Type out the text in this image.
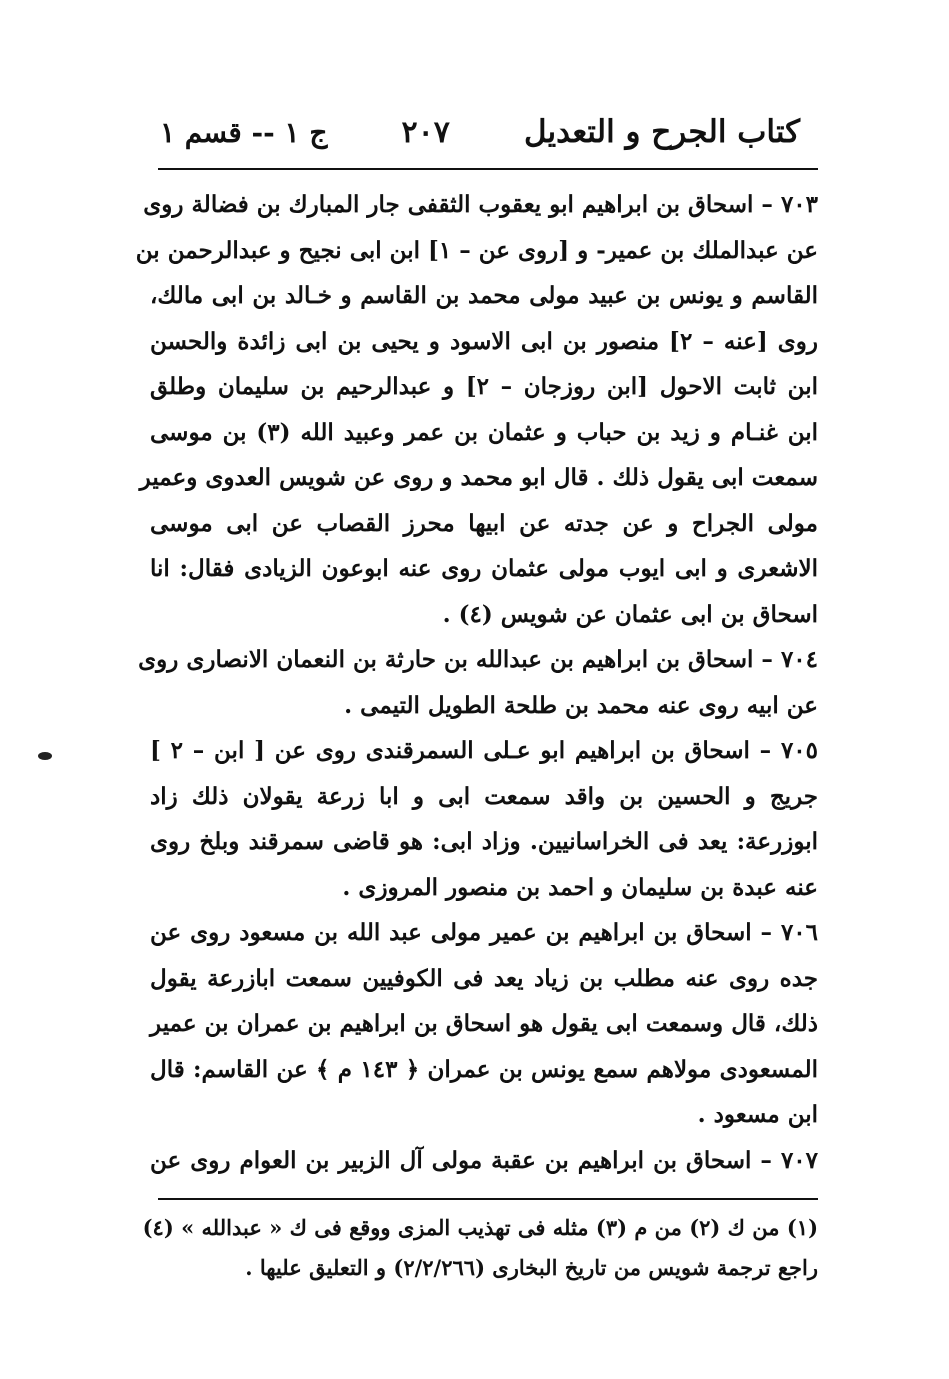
كتاب الجرح و التعديل
٢٠٧
ج ١ -- قسم ١
٧٠٣ – اسحاق بن ابراهيم ابو يعقوب الثقفى جار المبارك بن فضالة روى
عن عبدالملك بن عمير- و [روى عن – ١] ابن ابى نجيح و عبدالرحمن بن
القاسم و يونس بن عبيد مولى محمد بن القاسم و خـالد بن ابى مالك،
روى [عنه – ٢] منصور بن ابى الاسود و يحيى بن ابى زائدة والحسن
ابن ثابت الاحول [ابن روزجان – ٢] و عبدالرحيم بن سليمان وطلق
ابن غنـام و زيد بن حباب و عثمان بن عمر وعبيد الله (٣) بن موسى
سمعت ابى يقول ذلك . قال ابو محمد و روى عن شويس العدوى وعمير
مولى الجراح و عن جدته عن ابيها محرز القصاب عن ابى موسى
الاشعرى و ابى ايوب مولى عثمان روى عنه ابوعون الزيادى فقال: انا
اسحاق بن ابى عثمان عن شويس (٤) .
٧٠٤ – اسحاق بن ابراهيم بن عبدالله بن حارثة بن النعمان الانصارى روى
عن ابيه روى عنه محمد بن طلحة الطويل التيمى .
٧٠٥ – اسحاق بن ابراهيم ابو عـلى السمرقندى روى عن [ ابن – ٢ ]
جريج و الحسين بن واقد سمعت ابى و ابا زرعة يقولان ذلك زاد
ابوزرعة: يعد فى الخراسانيين. وزاد ابى: هو قاضى سمرقند وبلخ روى
عنه عبدة بن سليمان و احمد بن منصور المروزى .
٧٠٦ – اسحاق بن ابراهيم بن عمير مولى عبد الله بن مسعود روى عن
جده روى عنه مطلب بن زياد يعد فى الكوفيين سمعت ابازرعة يقول
ذلك، قال وسمعت ابى يقول هو اسحاق بن ابراهيم بن عمران بن عمير
المسعودى مولاهم سمع يونس بن عمران ﴿ ١٤٣ م ﴾ عن القاسم: قال
ابن مسعود .
٧٠٧ – اسحاق بن ابراهيم بن عقبة مولى آل الزبير بن العوام روى عن
(١) من ك (٢) من م (٣) مثله فى تهذيب المزى ووقع فى ك « عبدالله » (٤)
راجع ترجمة شويس من تاريخ البخارى (٢/٢/٢٦٦) و التعليق عليها .
